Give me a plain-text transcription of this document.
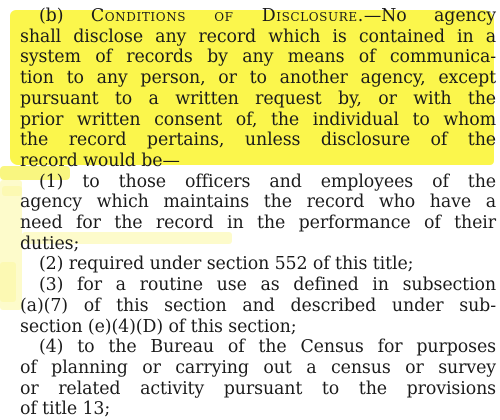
(b) Conditions of Disclosure.—No agency
shall disclose any record which is contained in a
system of records by any means of communica-
tion to any person, or to another agency, except
pursuant to a written request by, or with the
prior written consent of, the individual to whom
the record pertains, unless disclosure of the
record would be—
(1) to those officers and employees of the
agency which maintains the record who have a
need for the record in the performance of their
duties;
(2) required under section 552 of this title;
(3) for a routine use as defined in subsection
(a)(7) of this section and described under sub-
section (e)(4)(D) of this section;
(4) to the Bureau of the Census for purposes
of planning or carrying out a census or survey
or related activity pursuant to the provisions
of title 13;
